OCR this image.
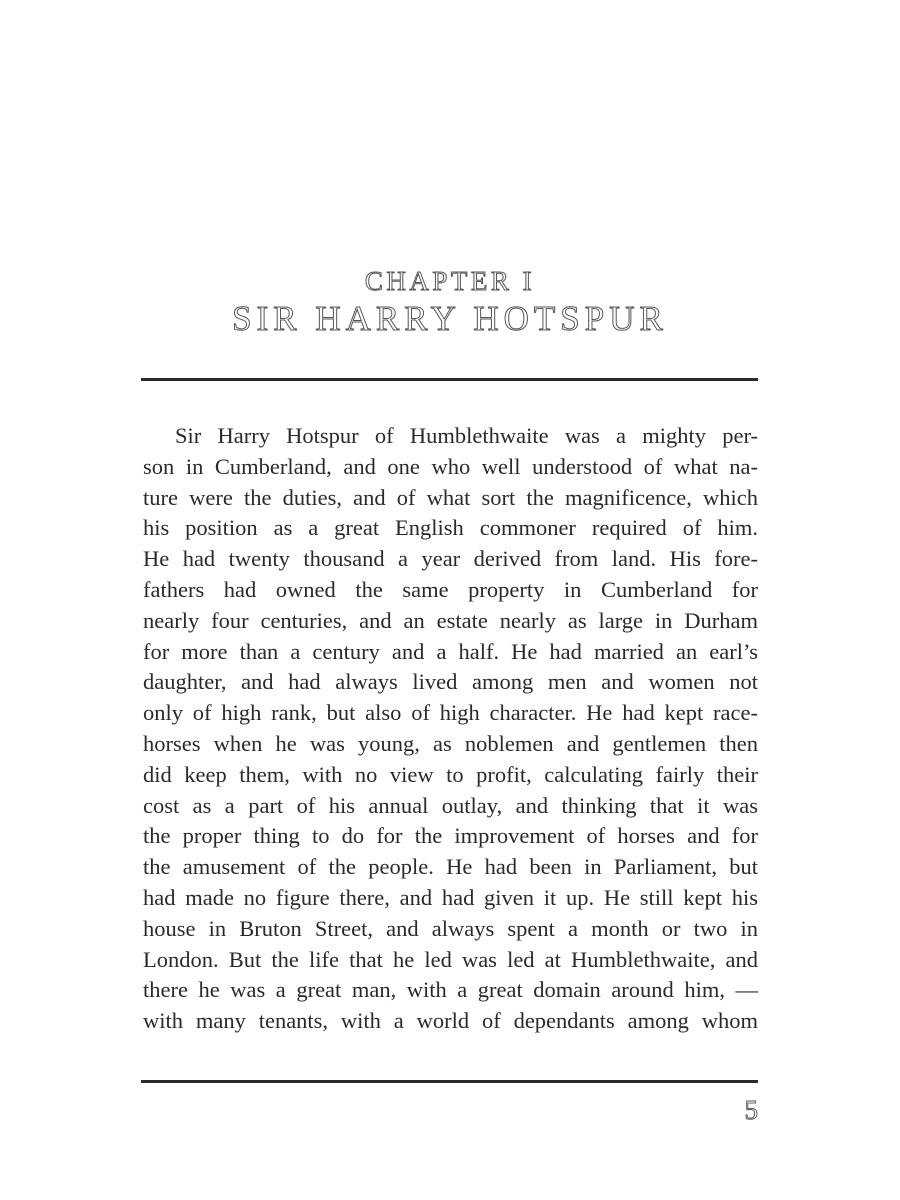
CHAPTER I
SIR HARRY HOTSPUR
Sir Harry Hotspur of Humblethwaite was a mighty per-
son in Cumberland, and one who well understood of what na-
ture were the duties, and of what sort the magnificence, which
his position as a great English commoner required of him.
He had twenty thousand a year derived from land. His fore-
fathers had owned the same property in Cumberland for
nearly four centuries, and an estate nearly as large in Durham
for more than a century and a half. He had married an earl’s
daughter, and had always lived among men and women not
only of high rank, but also of high character. He had kept race-
horses when he was young, as noblemen and gentlemen then
did keep them, with no view to profit, calculating fairly their
cost as a part of his annual outlay, and thinking that it was
the proper thing to do for the improvement of horses and for
the amusement of the people. He had been in Parliament, but
had made no figure there, and had given it up. He still kept his
house in Bruton Street, and always spent a month or two in
London. But the life that he led was led at Humblethwaite, and
there he was a great man, with a great domain around him, —
with many tenants, with a world of dependants among whom
5
